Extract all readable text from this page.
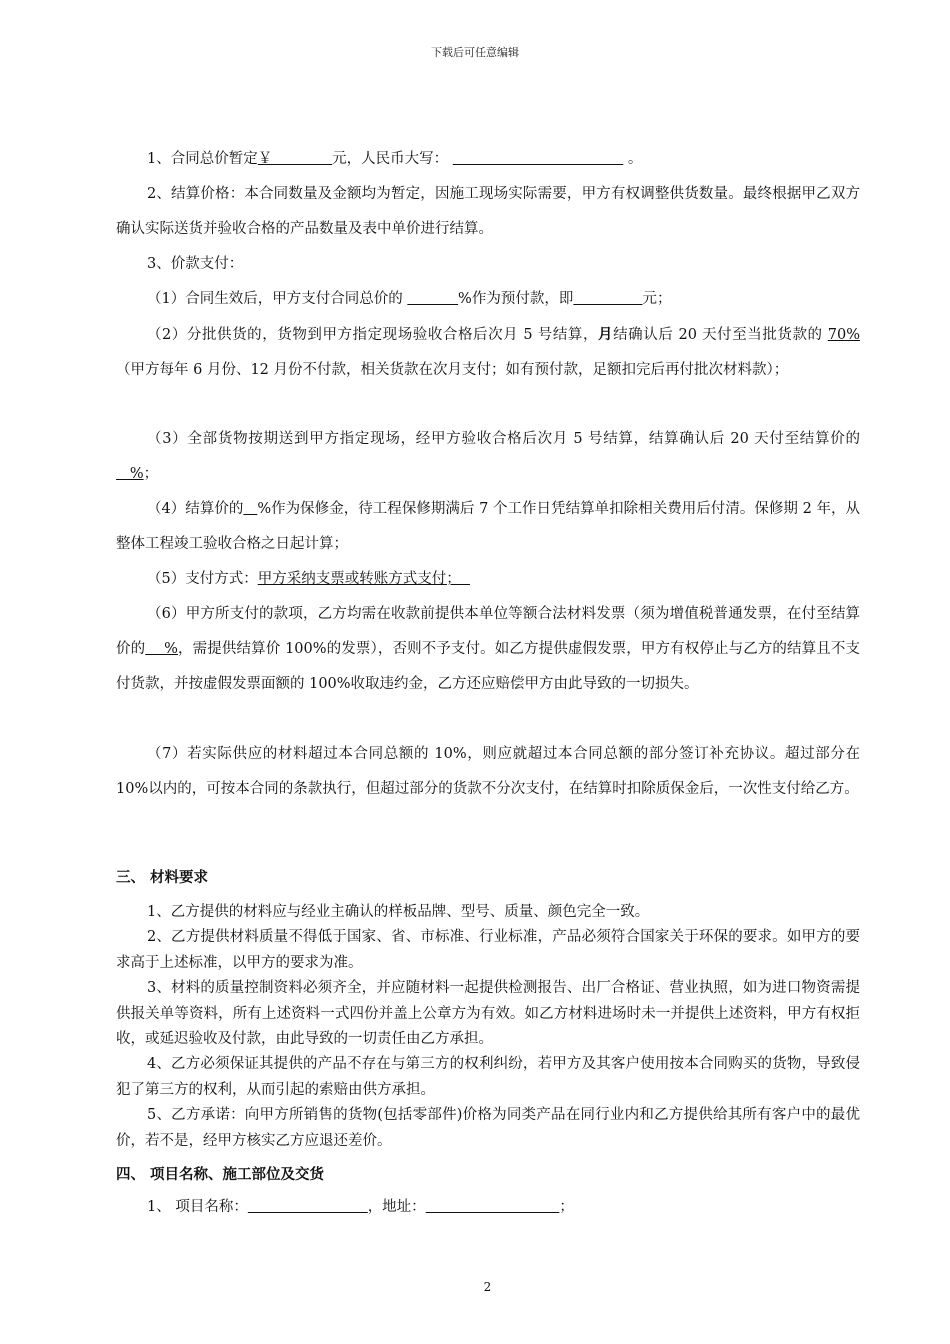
下载后可任意编辑
1、合同总价暂定￥             元，人民币大写：	。
2、结算价格：本合同数量及金额均为暂定，因施工现场实际需要，甲方有权调整供货数量。最终根据甲乙双方确认实际送货并验收合格的产品数量及表中单价进行结算。
3、价款支付：
（1）合同生效后，甲方支付合同总价的	%作为预付款，即	元；
（2）分批供货的，货物到甲方指定现场验收合格后次月 5 号结算，月结确认后 20 天付至当批货款的 70%（甲方每年 6 月份、12 月份不付款，相关货款在次月支付；如有预付款，足额扣完后再付批次材料款）；
（3）全部货物按期送到甲方指定现场，经甲方验收合格后次月 5 号结算，结算确认后 20 天付至结算价的   %；
（4）结算价的 %作为保修金，待工程保修期满后 7 个工作日凭结算单扣除相关费用后付清。保修期 2 年，从整体工程竣工验收合格之日起计算；
（5）支付方式：甲方采纳支票或转账方式支付；
（6）甲方所支付的款项，乙方均需在收款前提供本单位等额合法材料发票（须为增值税普通发票，在付至结算价的    %，需提供结算价 100%的发票），否则不予支付。如乙方提供虚假发票，甲方有权停止与乙方的结算且不支付货款，并按虚假发票面额的 100%收取违约金，乙方还应赔偿甲方由此导致的一切损失。
（7）若实际供应的材料超过本合同总额的 10%，则应就超过本合同总额的部分签订补充协议。超过部分在 10%以内的，可按本合同的条款执行，但超过部分的货款不分次支付，在结算时扣除质保金后，一次性支付给乙方。
三、 材料要求
1、乙方提供的材料应与经业主确认的样板品牌、型号、质量、颜色完全一致。
2、乙方提供材料质量不得低于国家、省、市标准、行业标准，产品必须符合国家关于环保的要求。如甲方的要求高于上述标准，以甲方的要求为准。
3、材料的质量控制资料必须齐全，并应随材料一起提供检测报告、出厂合格证、营业执照，如为进口物资需提供报关单等资料，所有上述资料一式四份并盖上公章方为有效。如乙方材料进场时未一并提供上述资料，甲方有权拒收，或延迟验收及付款，由此导致的一切责任由乙方承担。
4、乙方必须保证其提供的产品不存在与第三方的权利纠纷，若甲方及其客户使用按本合同购买的货物，导致侵犯了第三方的权利，从而引起的索赔由供方承担。
5、乙方承诺：向甲方所销售的货物(包括零部件)价格为同类产品在同行业内和乙方提供给其所有客户中的最优价，若不是，经甲方核实乙方应退还差价。
四、 项目名称、施工部位及交货
1、 项目名称：	，地址：	；
2
